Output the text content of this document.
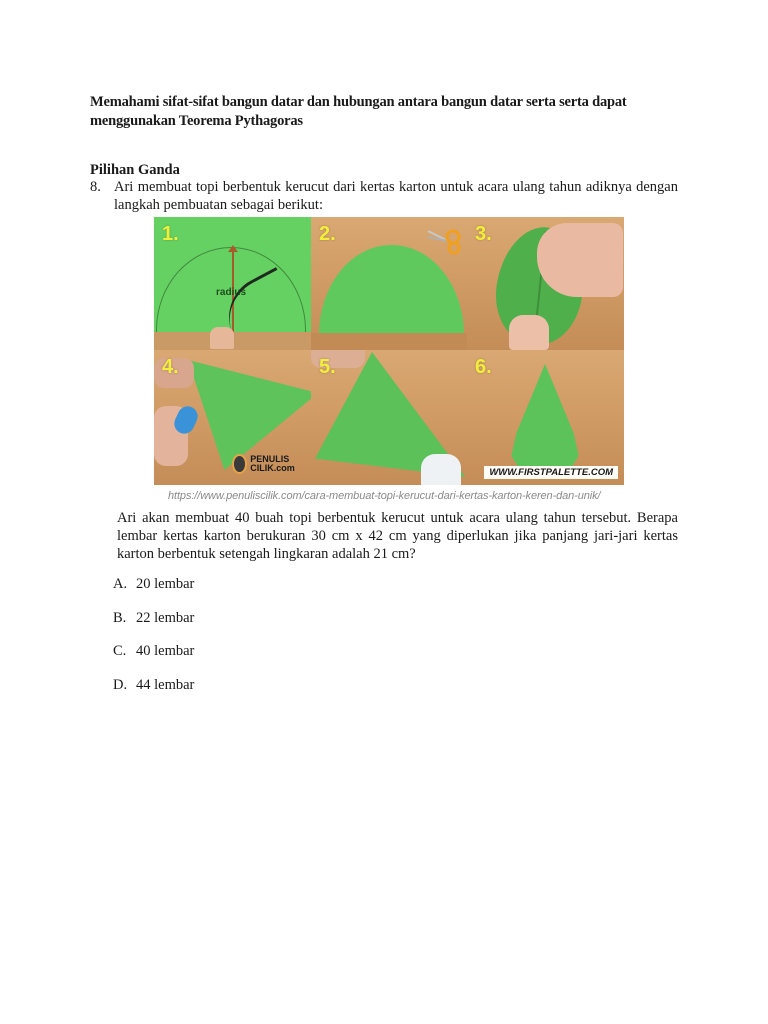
Memahami sifat-sifat bangun datar dan hubungan antara bangun datar serta serta dapat menggunakan Teorema Pythagoras
Pilihan Ganda
8. Ari membuat topi berbentuk kerucut dari kertas karton untuk acara ulang tahun adiknya dengan langkah pembuatan sebagai berikut:
radius
1.	2.	3.
PENULIS CILIK.com
4.	5.
WWW.FIRSTPALETTE.COM
6.
https://www.penuliscilik.com/cara-membuat-topi-kerucut-dari-kertas-karton-keren-dan-unik/
Ari akan membuat 40 buah topi berbentuk kerucut untuk acara ulang tahun tersebut. Berapa lembar kertas karton berukuran 30 cm x 42 cm yang diperlukan jika panjang jari-jari kertas karton berbentuk setengah lingkaran adalah 21 cm?
A. 20 lembar
B. 22 lembar
C. 40 lembar
D. 44 lembar
